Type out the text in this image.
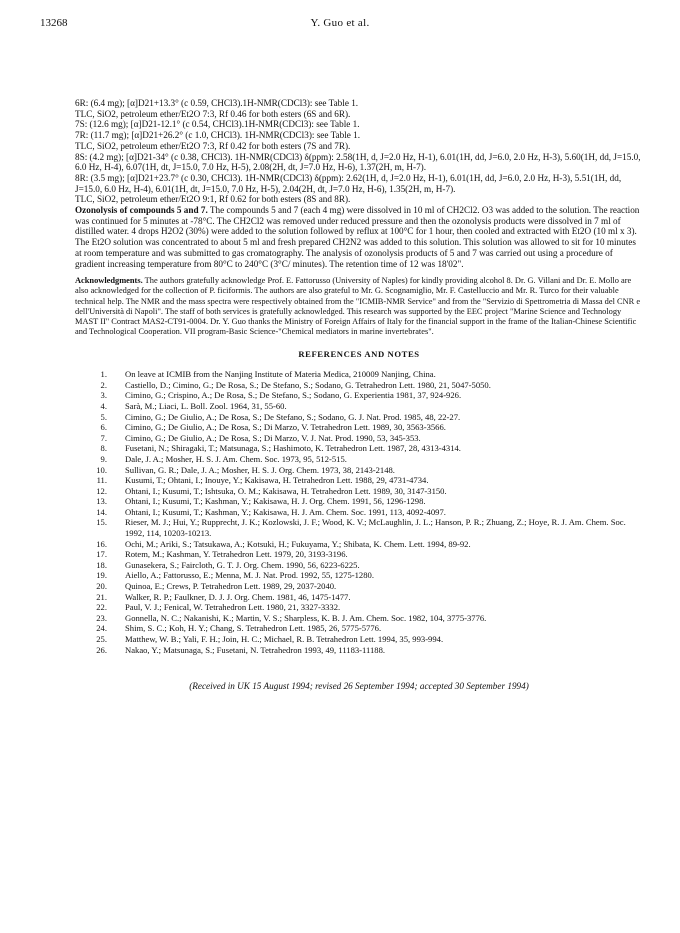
13268	Y. Guo et al.

6R: (6.4 mg); [α]D21+13.3° (c 0.59, CHCl3).1H-NMR(CDCl3): see Table 1.

TLC, SiO2, petroleum ether/Et2O 7:3, Rf 0.46 for both esters (6S and 6R).

7S: (12.6 mg); [α]D21-12.1° (c 0.54, CHCl3).1H-NMR(CDCl3): see Table 1.

7R: (11.7 mg); [α]D21+26.2° (c 1.0, CHCl3). 1H-NMR(CDCl3): see Table 1.

TLC, SiO2, petroleum ether/Et2O 7:3, Rf 0.42 for both esters (7S and 7R).

8S: (4.2 mg); [α]D21-34° (c 0.38, CHCl3). 1H-NMR(CDCl3) δ(ppm): 2.58(1H, d, J=2.0 Hz, H-1), 6.01(1H, dd, J=6.0, 2.0 Hz, H-3), 5.60(1H, dd, J=15.0, 6.0 Hz, H-4), 6.07(1H, dt, J=15.0, 7.0 Hz, H-5), 2.08(2H, dt, J=7.0 Hz, H-6), 1.37(2H, m, H-7).

8R: (3.5 mg); [α]D21+23.7° (c 0.30, CHCl3). 1H-NMR(CDCl3) δ(ppm): 2.62(1H, d, J=2.0 Hz, H-1), 6.01(1H, dd, J=6.0, 2.0 Hz, H-3), 5.51(1H, dd, J=15.0, 6.0 Hz, H-4), 6.01(1H, dt, J=15.0, 7.0 Hz, H-5), 2.04(2H, dt, J=7.0 Hz, H-6), 1.35(2H, m, H-7).

TLC, SiO2, petroleum ether/Et2O 9:1, Rf 0.62 for both esters (8S and 8R).

Ozonolysis of compounds 5 and 7. The compounds 5 and 7 (each 4 mg) were dissolved in 10 ml of CH2Cl2. O3 was added to the solution. The reaction was continued for 5 minutes at -78°C. The CH2Cl2 was removed under reduced pressure and then the ozonolysis products were dissolved in 7 ml of distilled water. 4 drops H2O2 (30%) were added to the solution followed by reflux at 100°C for 1 hour, then cooled and extracted with Et2O (10 ml x 3). The Et2O solution was concentrated to about 5 ml and fresh prepared CH2N2 was added to this solution. This solution was allowed to sit for 10 minutes at room temperature and was submitted to gas cromatography. The analysis of ozonolysis products of 5 and 7 was carried out using a procedure of gradient increasing temperature from 80°C to 240°C (3°C/ minutes). The retention time of 12 was 18'02".

Acknowledgments. The authors gratefully acknowledge Prof. E. Fattorusso (University of Naples) for kindly providing alcohol 8. Dr. G. Villani and Dr. E. Mollo are also acknowledged for the collection of P. ficiformis. The authors are also grateful to Mr. G. Scognamiglio, Mr. F. Castelluccio and Mr. R. Turco for their valuable technical help. The NMR and the mass spectra were respectively obtained from the "ICMIB-NMR Service" and from the "Servizio di Spettrometria di Massa del CNR e dell'Università di Napoli". The staff of both services is gratefully acknowledged. This research was supported by the EEC project "Marine Science and Technology MAST II" Contract MAS2-CT91-0004. Dr. Y. Guo thanks the Ministry of Foreign Affairs of Italy for the financial support in the frame of the Italian-Chinese Scientific and Technological Cooperation. VII program-Basic Science-"Chemical mediators in marine invertebrates".

REFERENCES AND NOTES
1.	On leave at ICMIB from the Nanjing Institute of Materia Medica, 210009 Nanjing, China.
2.	Castiello, D.; Cimino, G.; De Rosa, S.; De Stefano, S.; Sodano, G. Tetrahedron Lett. 1980, 21, 5047-5050.
3.	Cimino, G.; Crispino, A.; De Rosa, S.; De Stefano, S.; Sodano, G. Experientia 1981, 37, 924-926.
4.	Sarà, M.; Liaci, L. Boll. Zool. 1964, 31, 55-60.
5.	Cimino, G.; De Giulio, A.; De Rosa, S.; De Stefano, S.; Sodano, G. J. Nat. Prod. 1985, 48, 22-27.
6.	Cimino, G.; De Giulio, A.; De Rosa, S.; Di Marzo, V. Tetrahedron Lett. 1989, 30, 3563-3566.
7.	Cimino, G.; De Giulio, A.; De Rosa, S.; Di Marzo, V. J. Nat. Prod. 1990, 53, 345-353.
8.	Fusetani, N.; Shiragaki, T.; Matsunaga, S.; Hashimoto, K. Tetrahedron Lett. 1987, 28, 4313-4314.
9.	Dale, J. A.; Mosher, H. S. J. Am. Chem. Soc. 1973, 95, 512-515.
10.	Sullivan, G. R.; Dale, J. A.; Mosher, H. S. J. Org. Chem. 1973, 38, 2143-2148.
11.	Kusumi, T.; Ohtani, I.; Inouye, Y.; Kakisawa, H. Tetrahedron Lett. 1988, 29, 4731-4734.
12.	Ohtani, I.; Kusumi, T.; Ishtsuka, O. M.; Kakisawa, H. Tetrahedron Lett. 1989, 30, 3147-3150.
13.	Ohtani, I.; Kusumi, T.; Kashman, Y.; Kakisawa, H. J. Org. Chem. 1991, 56, 1296-1298.
14.	Ohtani, I.; Kusumi, T.; Kashman, Y.; Kakisawa, H. J. Am. Chem. Soc. 1991, 113, 4092-4097.
15.	Rieser, M. J.; Hui, Y.; Rupprecht, J. K.; Kozlowski, J. F.; Wood, K. V.; McLaughlin, J. L.; Hanson, P. R.; Zhuang, Z.; Hoye, R. J. Am. Chem. Soc. 1992, 114, 10203-10213.
16.	Ochi, M.; Ariki, S.; Tatsukawa, A.; Kotsuki, H.; Fukuyama, Y.; Shibata, K. Chem. Lett. 1994, 89-92.
17.	Rotem, M.; Kashman, Y. Tetrahedron Lett. 1979, 20, 3193-3196.
18.	Gunasekera, S.; Faircloth, G. T. J. Org. Chem. 1990, 56, 6223-6225.
19.	Aiello, A.; Fattorusso, E.; Menna, M. J. Nat. Prod. 1992, 55, 1275-1280.
20.	Quinoa, E.; Crews, P. Tetrahedron Lett. 1989, 29, 2037-2040.
21.	Walker, R. P.; Faulkner, D. J. J. Org. Chem. 1981, 46, 1475-1477.
22.	Paul, V. J.; Fenical, W. Tetrahedron Lett. 1980, 21, 3327-3332.
23.	Gonnella, N. C.; Nakanishi, K.; Martin, V. S.; Sharpless, K. B. J. Am. Chem. Soc. 1982, 104, 3775-3776.
24.	Shim, S. C.; Koh, H. Y.; Chang, S. Tetrahedron Lett. 1985, 26, 5775-5776.
25.	Matthew, W. B.; Yali, F. H.; Join, H. C.; Michael, R. B. Tetrahedron Lett. 1994, 35, 993-994.
26.	Nakao, Y.; Matsunaga, S.; Fusetani, N. Tetrahedron 1993, 49, 11183-11188.
(Received in UK 15 August 1994; revised 26 September 1994; accepted 30 September 1994)
